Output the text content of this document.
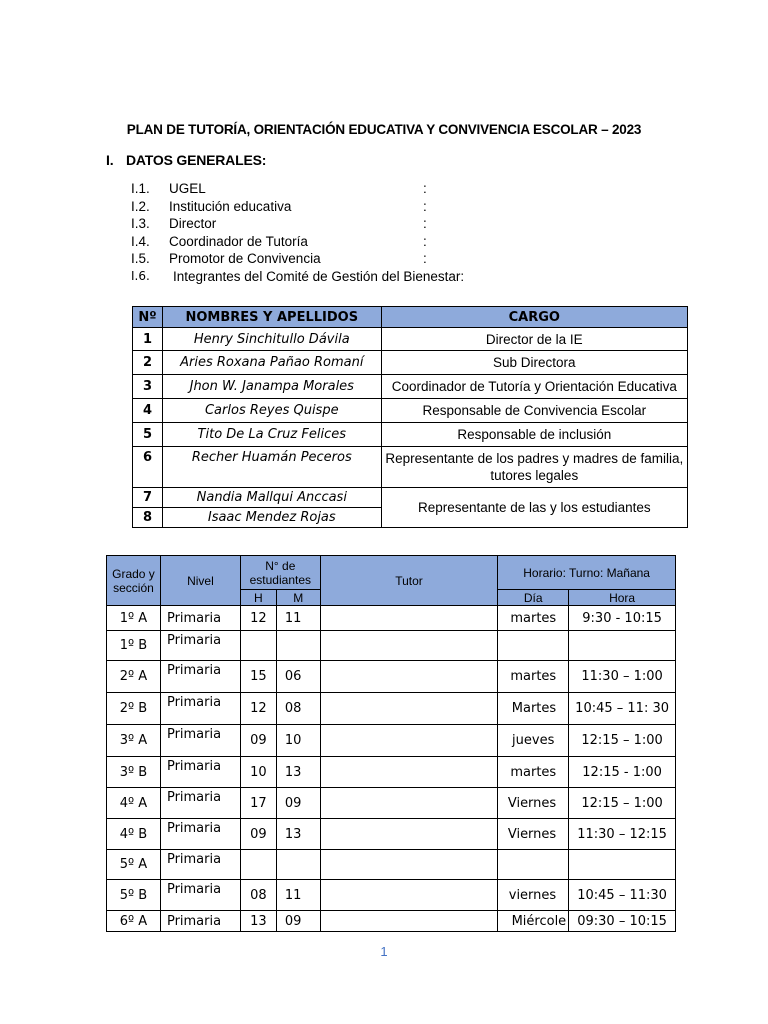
PLAN DE TUTORÍA, ORIENTACIÓN EDUCATIVA Y CONVIVENCIA ESCOLAR – 2023
I. DATOS GENERALES:
I.1. UGEL	:
I.2. Institución educativa	:
I.3. Director	:
I.4. Coordinador de Tutoría	:
I.5. Promotor de Convivencia	:
I.6. Integrantes del Comité de Gestión del Bienestar:
Nº	NOMBRES Y APELLIDOS	CARGO
1	Henry Sinchitullo Dávila	Director de la IE
2	Aries Roxana Pañao Romaní	Sub Directora
3	Jhon W. Janampa Morales	Coordinador de Tutoría y Orientación Educativa
4	Carlos Reyes Quispe	Responsable de Convivencia Escolar
5	Tito De La Cruz Felices	Responsable de inclusión
6	Recher Huamán Peceros	Representante de los padres y madres de familia, tutores legales
7	Nandia Mallqui Anccasi	Representante de las y los estudiantes
8	Isaac Mendez Rojas	
Grado y sección	Nivel	N° de estudiantes		Tutor	Horario: Turno: Mañana	
		H	M		Día	Hora
1º A	Primaria	12	11		martes	9:30 - 10:15
1º B	Primaria					
2º A	Primaria	15	06		martes	11:30 – 1:00
2º B	Primaria	12	08		Martes	10:45 – 11: 30
3º A	Primaria	09	10		jueves	12:15 – 1:00
3º B	Primaria	10	13		martes	12:15 - 1:00
4º A	Primaria	17	09		Viernes	12:15 – 1:00
4º B	Primaria	09	13		Viernes	11:30 – 12:15
5º A	Primaria					
5º B	Primaria	08	11		viernes	10:45 – 11:30
6º A	Primaria	13	09		Miércole	09:30 – 10:15
1
